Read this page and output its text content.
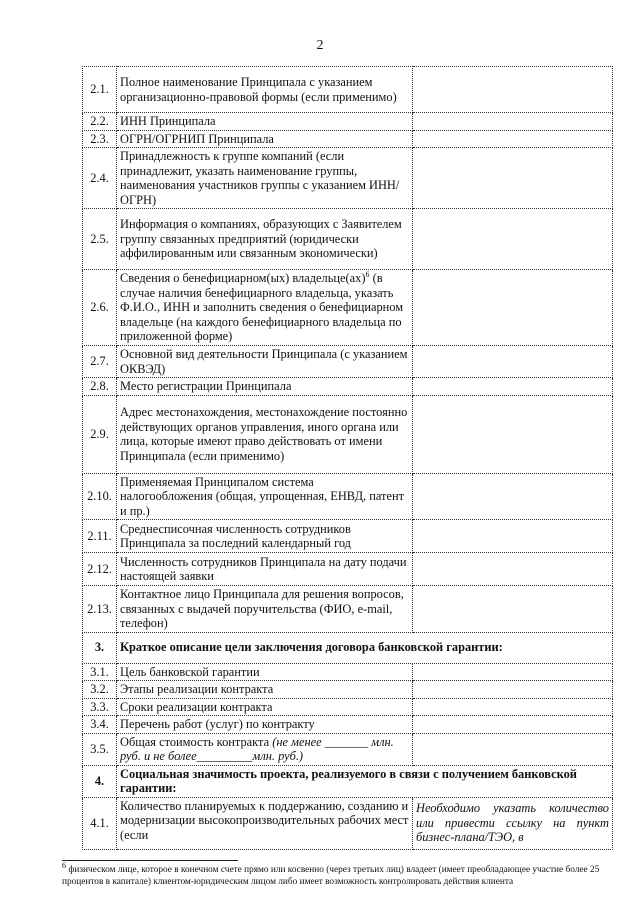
2
2.1.	Полное наименование Принципала с указанием организационно-правовой формы (если применимо)	
2.2.	ИНН Принципала	
2.3.	ОГРН/ОГРНИП Принципала	
2.4.	Принадлежность к группе компаний (если принадлежит, указать наименование группы, наименования участников группы с указанием ИНН/ОГРН)	
2.5.	Информация о компаниях, образующих с Заявителем группу связанных предприятий (юридически аффилированным или связанным экономически)	
2.6.	Сведения о бенефициарном(ых) владельце(ах)$^6$ (в случае наличия бенефициарного владельца, указать Ф.И.О., ИНН и заполнить сведения о бенефициарном владельце (на каждого бенефициарного владельца по приложенной форме)	
2.7.	Основной вид деятельности Принципала (с указанием ОКВЭД)	
2.8.	Место регистрации Принципала	
2.9.	Адрес местонахождения, местонахождение постоянно действующих органов управления, иного органа или лица, которые имеют право действовать от имени Принципала (если применимо)	
2.10.	Применяемая Принципалом система налогообложения (общая, упрощенная, ЕНВД, патент и пр.)	
2.11.	Среднесписочная численность сотрудников Принципала за последний календарный год	
2.12.	Численность сотрудников Принципала на дату подачи настоящей заявки	
2.13.	Контактное лицо Принципала для решения вопросов, связанных с выдачей поручительства (ФИО, e-mail, телефон)	
3.	Краткое описание цели заключения договора банковской гарантии:	
3.1.	Цель банковской гарантии	
3.2.	Этапы реализации контракта	
3.3.	Сроки реализации контракта	
3.4.	Перечень работ (услуг) по контракту	
3.5.	Общая стоимость контракта (не менее _______ млн. руб. и не более_________млн. руб.)	
4.	Социальная значимость проекта, реализуемого в связи с получением банковской гарантии:	
4.1.	Количество планируемых к поддержанию, созданию и модернизации высокопроизводительных рабочих мест (если	Необходимо указать количество или привести ссылку на пункт бизнес-плана/ТЭО, в
$^6$ физическом лице, которое в конечном счете прямо или косвенно (через третьих лиц) владеет (имеет преобладающее участие более 25 процентов в капитале) клиентом-юридическим лицом либо имеет возможность контролировать действия клиента
